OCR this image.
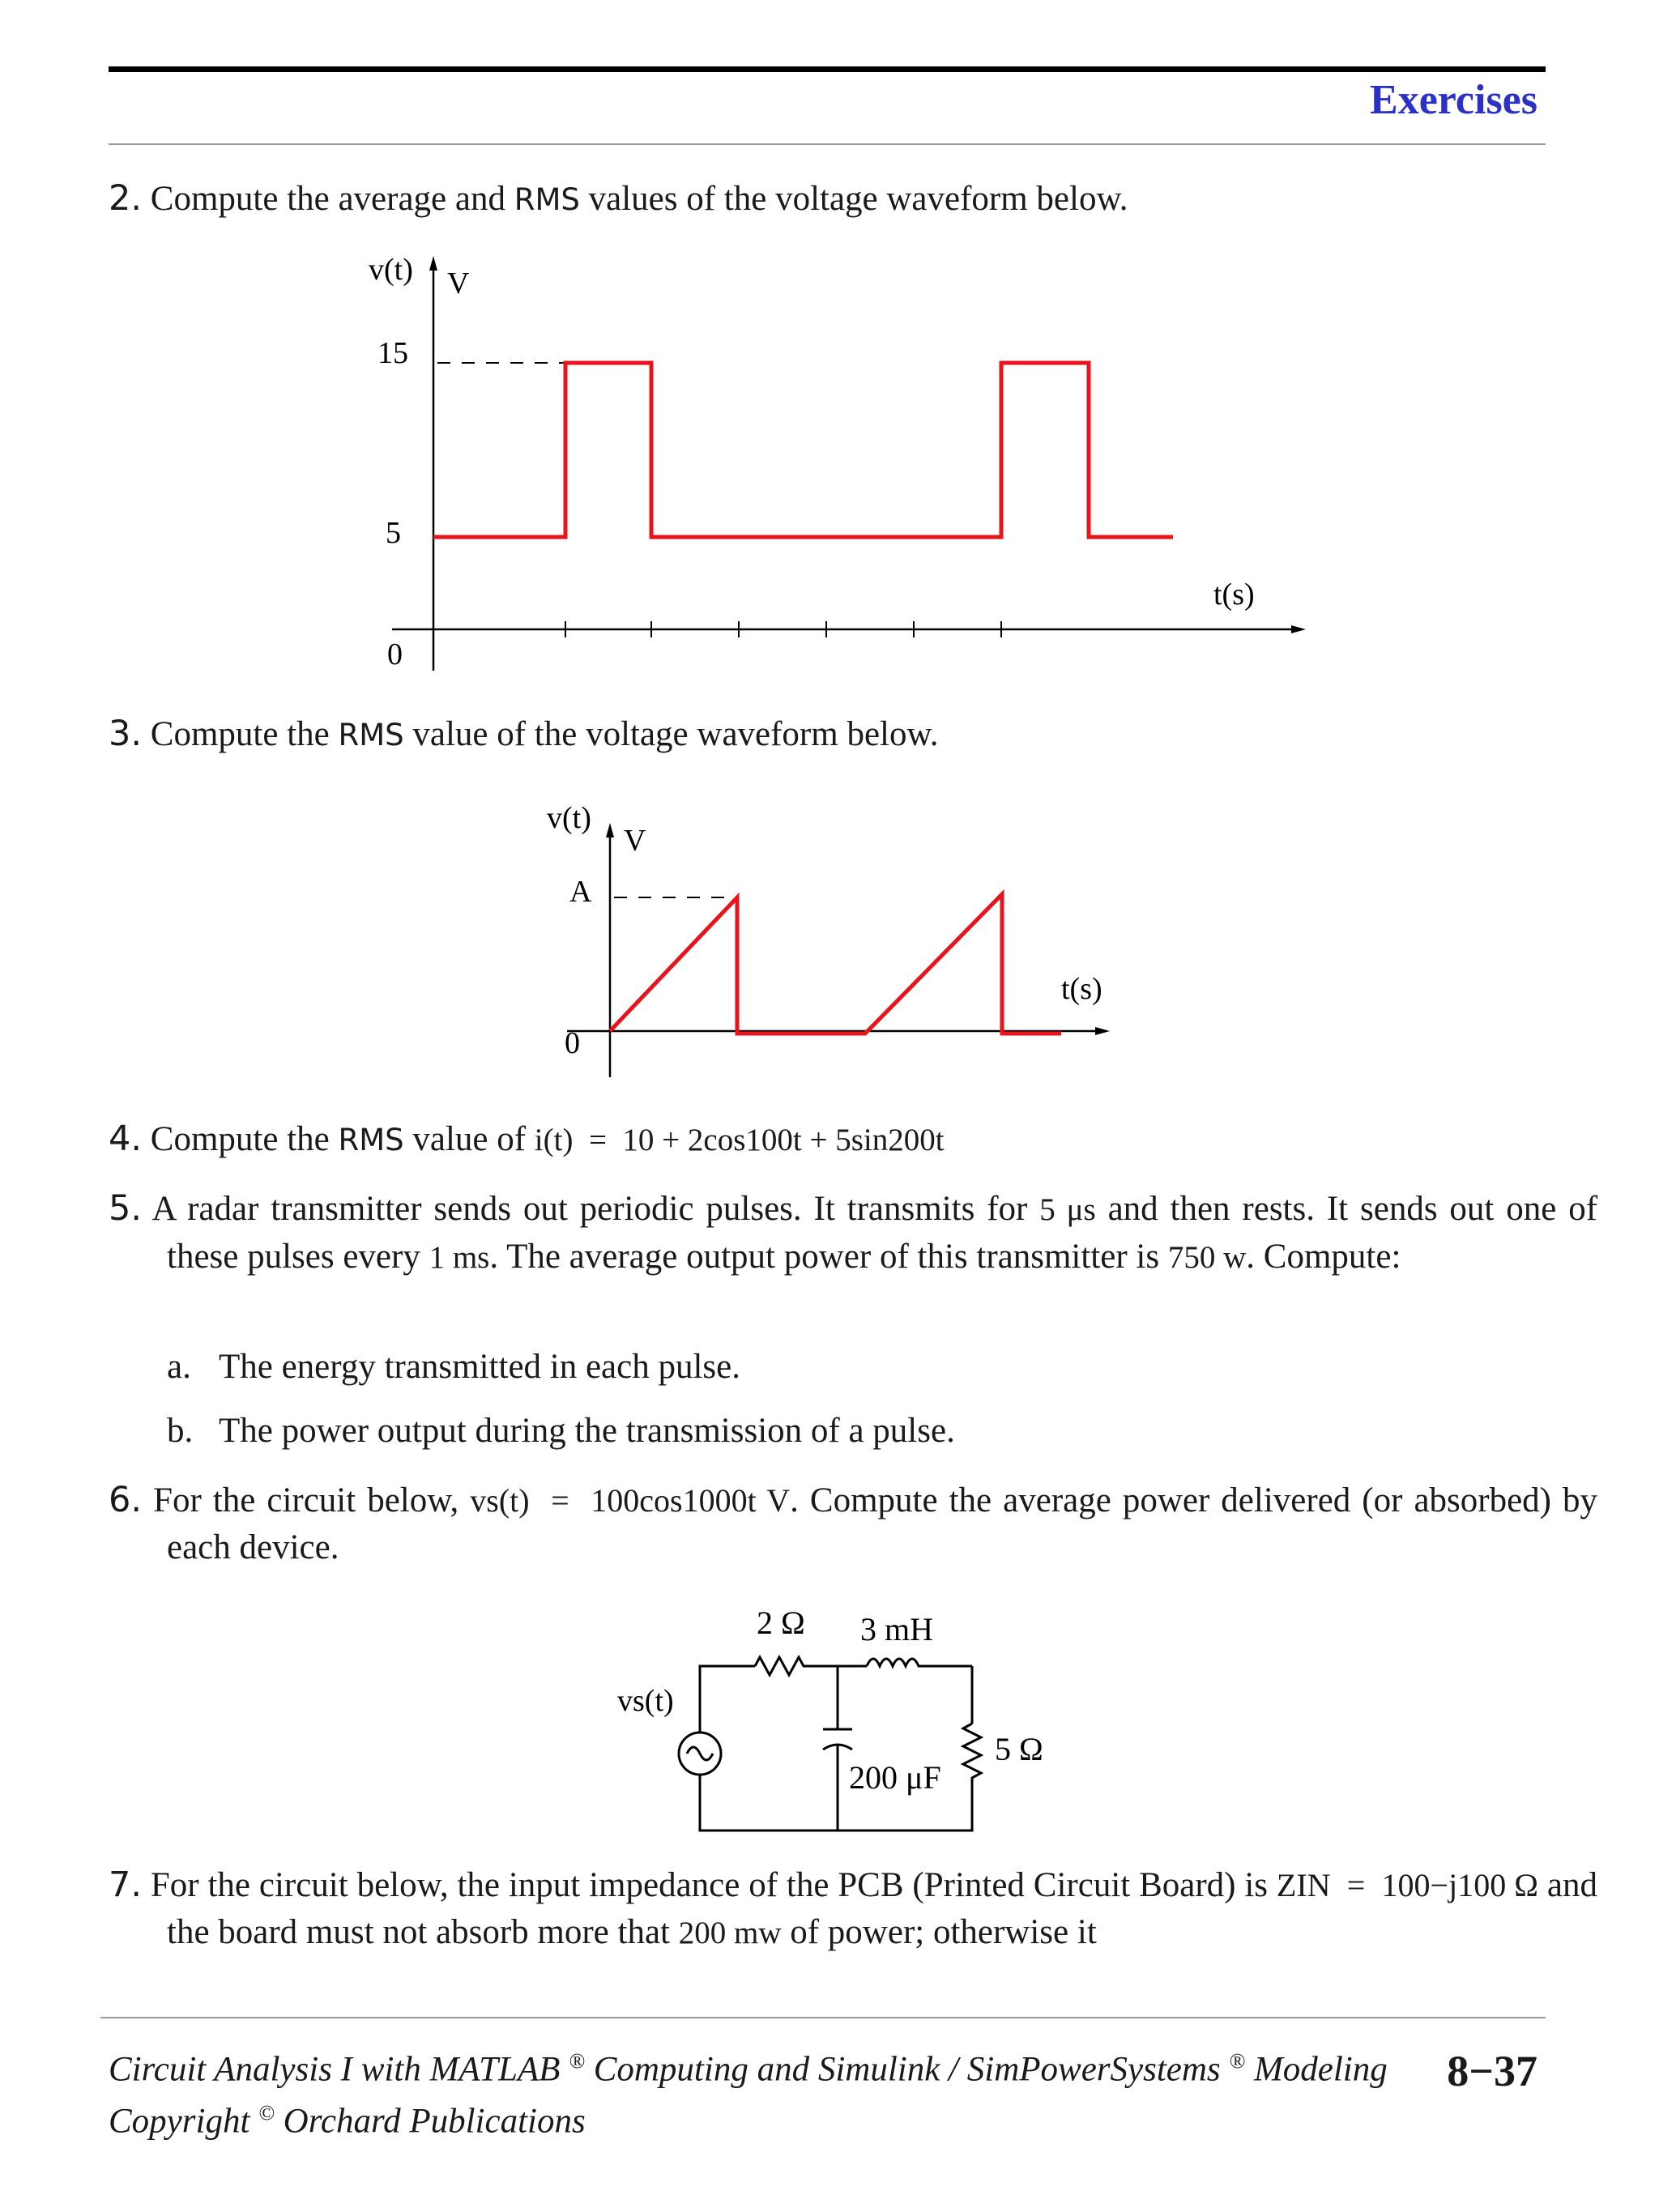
Exercises
2. Compute the average and RMS values of the voltage waveform below.
v(t) V
15
5
0
t(s)
3. Compute the RMS value of the voltage waveform below.
v(t)
V
A
0
t(s)
4. Compute the RMS value of i(t)  =  10 + 2cos100t + 5sin200t
5. A radar transmitter sends out periodic pulses. It transmits for 5 μs and then rests. It sends out one of these pulses every 1 ms. The average output power of this transmitter is 750 w. Compute:
a. The energy transmitted in each pulse.
b. The power output during the transmission of a pulse.
6. For the circuit below, vs(t)  =  100cos1000t V. Compute the average power delivered (or absorbed) by each device.
vs(t)
2 Ω 3 mH
200 μF
5 Ω
7. For the circuit below, the input impedance of the PCB (Printed Circuit Board) is ZIN  =  100−j100 Ω and the board must not absorb more that 200 mw of power; otherwise it
Circuit Analysis I with MATLAB ® Computing and Simulink / SimPowerSystems ® Modeling
Copyright © Orchard Publications
8−37
